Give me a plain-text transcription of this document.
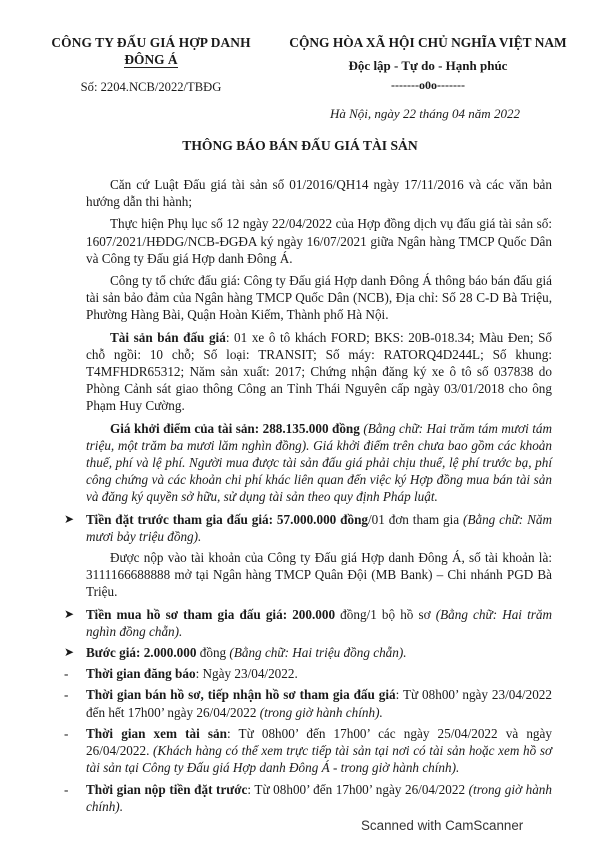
CÔNG TY ĐẤU GIÁ HỢP DANH
ĐÔNG Á
Số: 2204.NCB/2022/TBĐG
CỘNG HÒA XÃ HỘI CHỦ NGHĨA VIỆT NAM
Độc lập - Tự do - Hạnh phúc
-------o0o-------
Hà Nội, ngày 22 tháng 04 năm 2022
THÔNG BÁO BÁN ĐẤU GIÁ TÀI SẢN

Căn cứ Luật Đấu giá tài sản số 01/2016/QH14 ngày 17/11/2016 và các văn bản hướng dẫn thi hành;

Thực hiện Phụ lục số 12 ngày 22/04/2022 của Hợp đồng dịch vụ đấu giá tài sản số: 1607/2021/HĐDG/NCB-ĐGĐA ký ngày 16/07/2021 giữa Ngân hàng TMCP Quốc Dân và Công ty Đấu giá Hợp danh Đông Á.

Công ty tổ chức đấu giá: Công ty Đấu giá Hợp danh Đông Á thông báo bán đấu giá tài sản bảo đảm của Ngân hàng TMCP Quốc Dân (NCB), Địa chỉ: Số 28 C-D Bà Triệu, Phường Hàng Bài, Quận Hoàn Kiếm, Thành phố Hà Nội.

Tài sản bán đấu giá: 01 xe ô tô khách FORD; BKS: 20B-018.34; Màu Đen; Số chỗ ngồi: 10 chỗ; Số loại: TRANSIT; Số máy: RATORQ4D244L; Số khung: T4MFHDR65312; Năm sản xuất: 2017; Chứng nhận đăng ký xe ô tô số 037838 do Phòng Cảnh sát giao thông Công an Tỉnh Thái Nguyên cấp ngày 03/01/2018 cho ông Phạm Huy Cường.

Giá khởi điểm của tài sản: 288.135.000 đồng (Bằng chữ: Hai trăm tám mươi tám triệu, một trăm ba mươi lăm nghìn đồng). Giá khởi điểm trên chưa bao gồm các khoản thuế, phí và lệ phí. Người mua được tài sản đấu giá phải chịu thuế, lệ phí trước bạ, phí công chứng và các khoản chi phí khác liên quan đến việc ký Hợp đồng mua bán tài sản và đăng ký quyền sở hữu, sử dụng tài sản theo quy định Pháp luật.

➤ Tiền đặt trước tham gia đấu giá: 57.000.000 đồng/01 đơn tham gia (Bằng chữ: Năm mươi bảy triệu đồng).

Được nộp vào tài khoản của Công ty Đấu giá Hợp danh Đông Á, số tài khoản là: 3111166688888 mở tại Ngân hàng TMCP Quân Đội (MB Bank) – Chi nhánh PGD Bà Triệu.

➤ Tiền mua hồ sơ tham gia đấu giá: 200.000 đồng/1 bộ hồ sơ (Bằng chữ: Hai trăm nghìn đồng chẵn).
➤ Bước giá: 2.000.000 đồng (Bằng chữ: Hai triệu đồng chẵn).
- Thời gian đăng báo: Ngày 23/04/2022.
- Thời gian bán hồ sơ, tiếp nhận hồ sơ tham gia đấu giá: Từ 08h00’ ngày 23/04/2022 đến hết 17h00’ ngày 26/04/2022 (trong giờ hành chính).
- Thời gian xem tài sản: Từ 08h00’ đến 17h00’ các ngày 25/04/2022 và ngày 26/04/2022. (Khách hàng có thể xem trực tiếp tài sản tại nơi có tài sản hoặc xem hồ sơ tài sản tại Công ty Đấu giá Hợp danh Đông Á - trong giờ hành chính).
- Thời gian nộp tiền đặt trước: Từ 08h00’ đến 17h00’ ngày 26/04/2022 (trong giờ hành chính).
Scanned with CamScanner
